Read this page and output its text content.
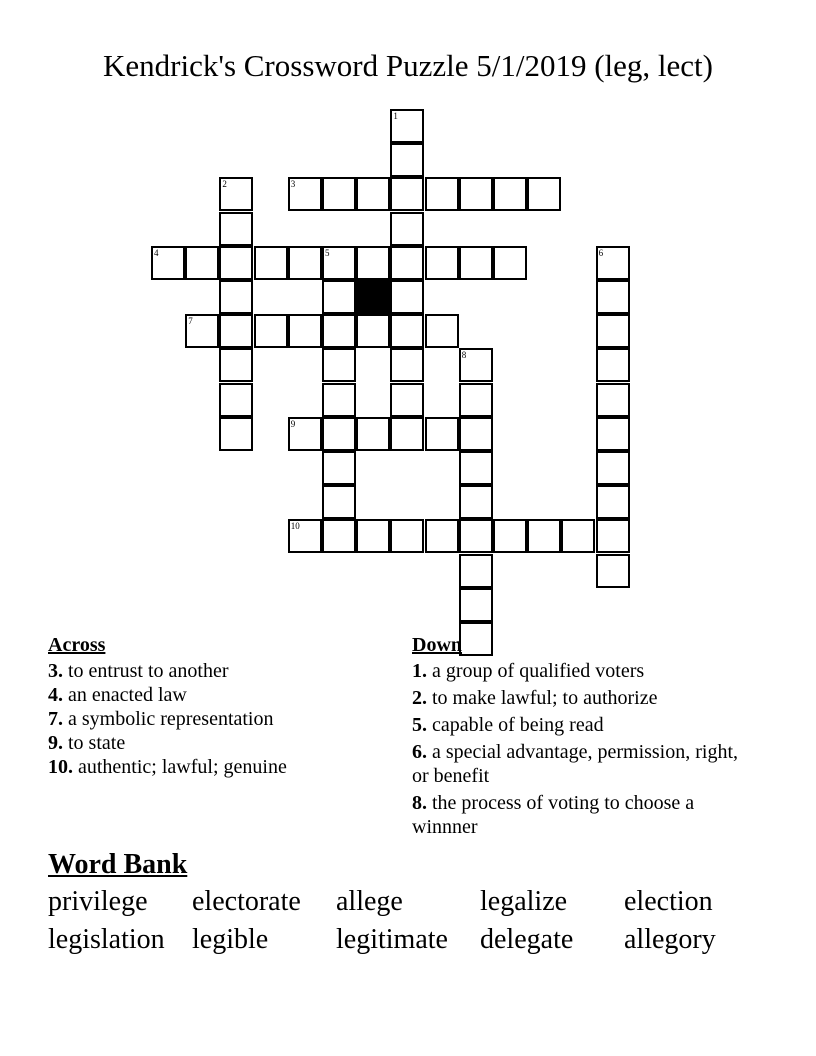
Kendrick's Crossword Puzzle 5/1/2019 (leg, lect)
1
2
5	6
8
3
4
7
9
10
Across
3. to entrust to another
4. an enacted law
7. a symbolic representation
9. to state
10. authentic; lawful; genuine
Down
1. a group of qualified voters
2. to make lawful; to authorize
5. capable of being read
6. a special advantage, permission, right, or benefit
8. the process of voting to choose a winnner
Word Bank
privilege	electorate	allege	legalize	election
legislation legible	legitimate	delegate	allegory
